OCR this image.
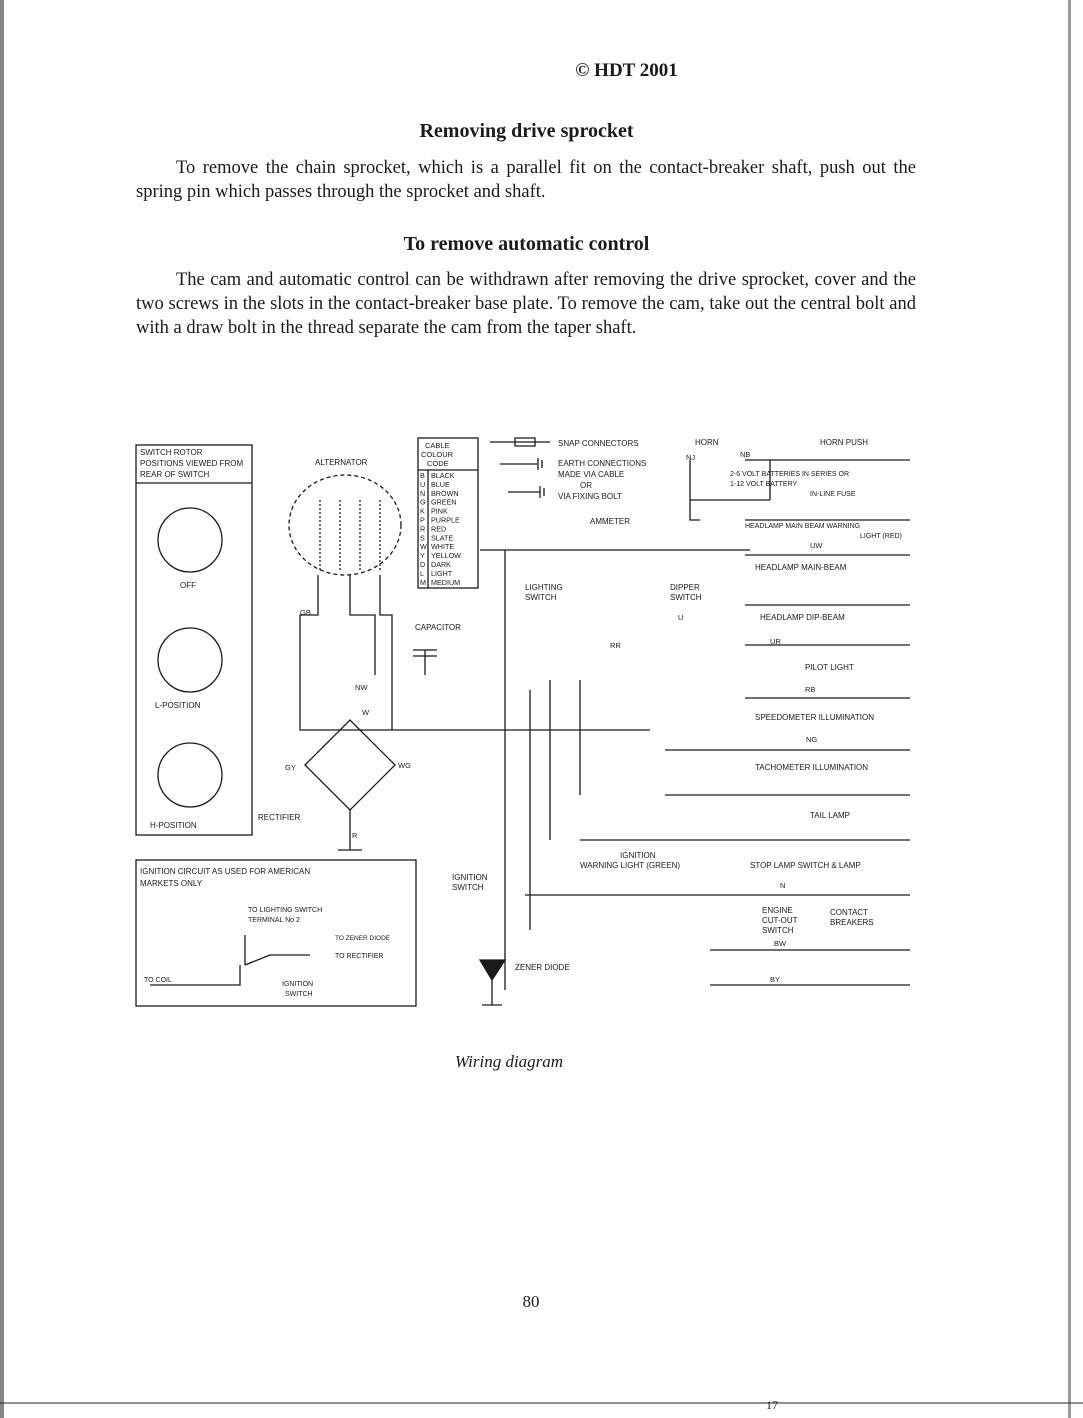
© HDT 2001
Removing drive sprocket
To remove the chain sprocket, which is a parallel fit on the contact-breaker shaft, push out the spring pin which passes through the sprocket and shaft.
To remove automatic control
The cam and automatic control can be withdrawn after removing the drive sprocket, cover and the two screws in the slots in the contact-breaker base plate. To remove the cam, take out the central bolt and with a draw bolt in the thread separate the cam from the taper shaft.
SWITCH ROTOR
POSITIONS VIEWED FROM
REAR OF SWITCH
OFF
L-POSITION
H-POSITION
ALTERNATOR
RECTIFIER
CAPACITOR
ZENER DIODE
LIGHTING
SWITCH
DIPPER
SWITCH
IGNITION
SWITCH
AMMETER
HORN	HORN PUSH
2-6 VOLT BATTERIES IN SERIES OR
1-12 VOLT BATTERY
IN-LINE FUSE
HEADLAMP MAIN BEAM WARNING
LIGHT (RED)
HEADLAMP MAIN-BEAM
HEADLAMP DIP-BEAM
PILOT LIGHT
SPEEDOMETER ILLUMINATION
TACHOMETER ILLUMINATION
TAIL LAMP
IGNITION
WARNING LIGHT (GREEN)	STOP LAMP SWITCH & LAMP
ENGINE
CUT-OUT
SWITCH
CONTACT
BREAKERS
SNAP CONNECTORS
EARTH CONNECTIONS
MADE VIA CABLE
OR
VIA FIXING BOLT
CABLE
COLOUR
CODE
IGNITION CIRCUIT AS USED FOR AMERICAN
MARKETS ONLY
TO LIGHTING SWITCH
TERMINAL No 2
TO ZENER DIODE
TO RECTIFIER
TO COIL
IGNITION
SWITCH
B BLACK
U BLUE
N BROWN
G GREEN
K PINK
P PURPLE
R RED
S SLATE
W WHITE
Y YELLOW
D DARK
L LIGHT
M MEDIUM
NW
W
GY
GB
WG
R
NB
NJ
U
UW
UR
RB
NG
BW
BY
N
RR
Wiring diagram
80
17
